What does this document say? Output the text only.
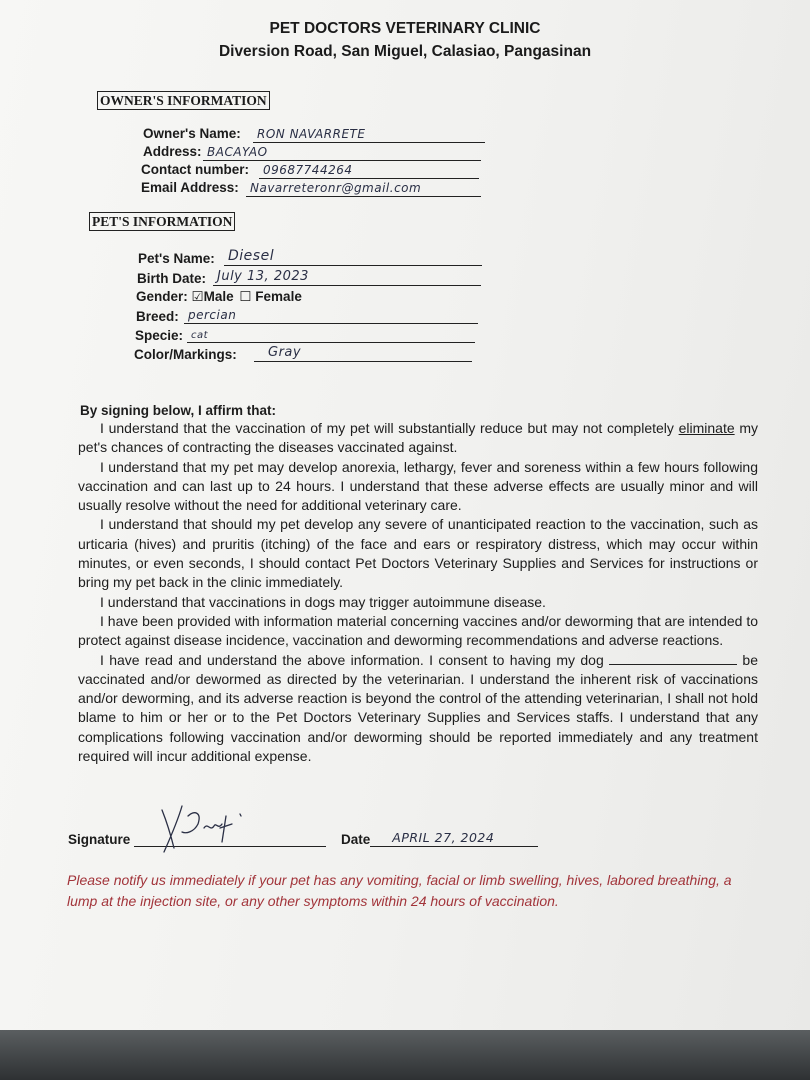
PET DOCTORS VETERINARY CLINIC
Diversion Road, San Miguel, Calasiao, Pangasinan
OWNER'S INFORMATION
Owner's Name: RON NAVARRETE
Address: BACAYAO
Contact number: 09687744264
Email Address: Navarreteronr@gmail.com
PET'S INFORMATION
Pet's Name: Diesel
Birth Date: July 13, 2023
Gender: ☑Male ☐ Female
Breed: percian
Specie: cat
Color/Markings: Gray
By signing below, I affirm that:

I understand that the vaccination of my pet will substantially reduce but may not completely eliminate my pet's chances of contracting the diseases vaccinated against.

I understand that my pet may develop anorexia, lethargy, fever and soreness within a few hours following vaccination and can last up to 24 hours. I understand that these adverse effects are usually minor and will usually resolve without the need for additional veterinary care.

I understand that should my pet develop any severe of unanticipated reaction to the vaccination, such as urticaria (hives) and pruritis (itching) of the face and ears or respiratory distress, which may occur within minutes, or even seconds, I should contact Pet Doctors Veterinary Supplies and Services for instructions or bring my pet back in the clinic immediately.

I understand that vaccinations in dogs may trigger autoimmune disease.

I have been provided with information material concerning vaccines and/or deworming that are intended to protect against disease incidence, vaccination and deworming recommendations and adverse reactions.

I have read and understand the above information. I consent to having my dog	be vaccinated and/or dewormed as directed by the veterinarian. I understand the inherent risk of vaccinations and/or deworming, and its adverse reaction is beyond the control of the attending veterinarian, I shall not hold blame to him or her or to the Pet Doctors Veterinary Supplies and Services staffs. I understand that any complications following vaccination and/or deworming should be reported immediately and any treatment required will incur additional expense.

Signature	Date APRIL 27, 2024
Please notify us immediately if your pet has any vomiting, facial or limb swelling, hives, labored breathing, a lump at the injection site, or any other symptoms within 24 hours of vaccination.
